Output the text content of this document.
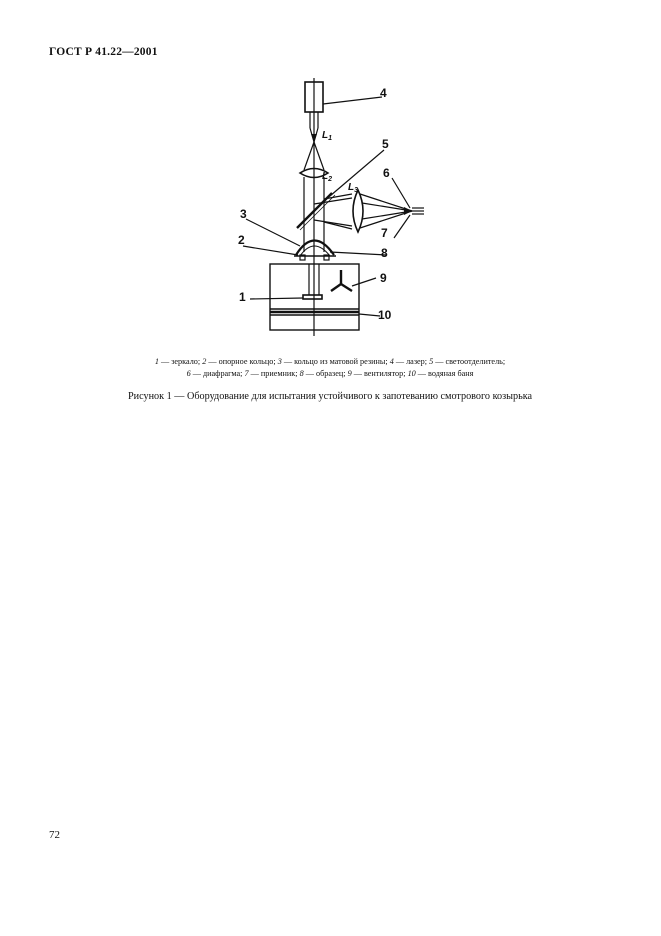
ГОСТ Р 41.22—2001
4
5
6
7
3
2
8
9
1
10
$L_1$
$L_2$
$L_3$
1 — зеркало; 2 — опорное кольцо; 3 — кольцо из матовой резины; 4 — лазер; 5 — светоотделитель;
6 — диафрагма; 7 — приемник; 8 — образец; 9 — вентилятор; 10 — водяная баня
Рисунок 1 — Оборудование для испытания устойчивого к запотеванию смотрового козырька
72
